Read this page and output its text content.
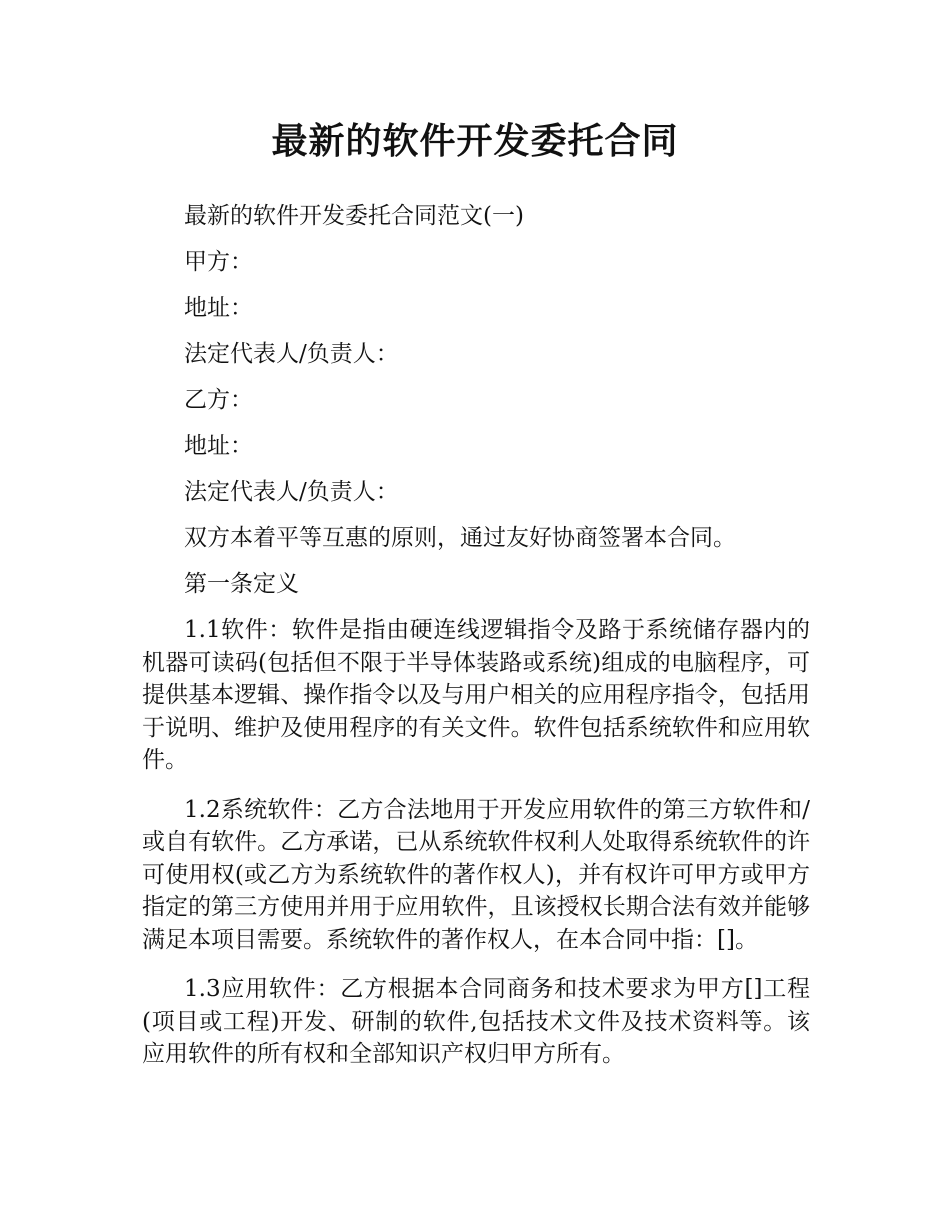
最新的软件开发委托合同

最新的软件开发委托合同范文(一)

甲方：

地址：

法定代表人/负责人：

乙方：

地址：

法定代表人/负责人：

双方本着平等互惠的原则，通过友好协商签署本合同。

第一条定义

1.1软件：软件是指由硬连线逻辑指令及路于系统储存器内的机器可读码(包括但不限于半导体装路或系统)组成的电脑程序，可提供基本逻辑、操作指令以及与用户相关的应用程序指令，包括用于说明、维护及使用程序的有关文件。软件包括系统软件和应用软件。

1.2系统软件：乙方合法地用于开发应用软件的第三方软件和/或自有软件。乙方承诺，已从系统软件权利人处取得系统软件的许可使用权(或乙方为系统软件的著作权人)，并有权许可甲方或甲方指定的第三方使用并用于应用软件，且该授权长期合法有效并能够满足本项目需要。系统软件的著作权人，在本合同中指：[]。

1.3应用软件：乙方根据本合同商务和技术要求为甲方[]工程(项目或工程)开发、研制的软件,包括技术文件及技术资料等。该应用软件的所有权和全部知识产权归甲方所有。
